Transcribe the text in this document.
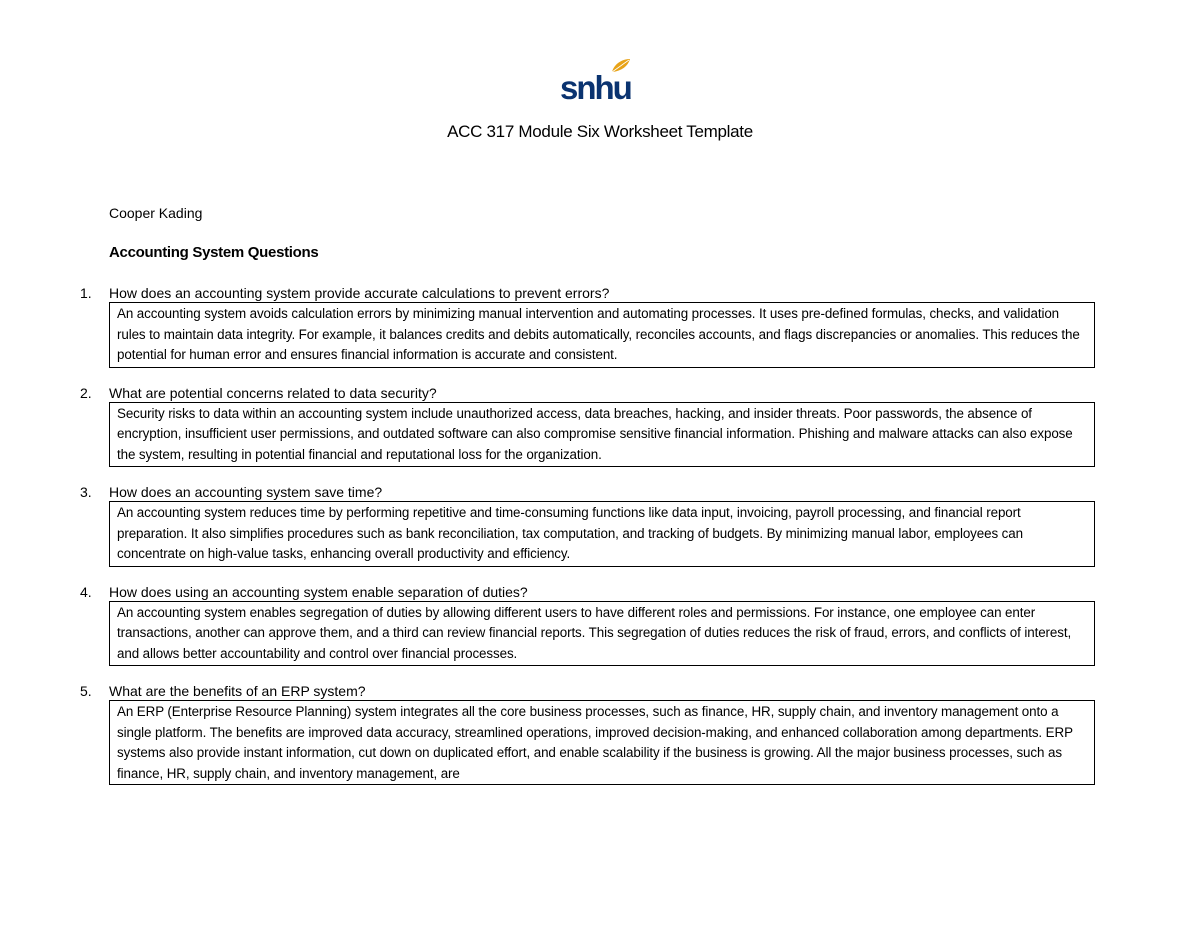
snhu
ACC 317 Module Six Worksheet Template
Cooper Kading
Accounting System Questions
1.	How does an accounting system provide accurate calculations to prevent errors?
An accounting system avoids calculation errors by minimizing manual intervention and automating processes. It uses pre-defined formulas, checks, and validation rules to maintain data integrity. For example, it balances credits and debits automatically, reconciles accounts, and flags discrepancies or anomalies. This reduces the potential for human error and ensures financial information is accurate and consistent.
2.	What are potential concerns related to data security?
Security risks to data within an accounting system include unauthorized access, data breaches, hacking, and insider threats. Poor passwords, the absence of encryption, insufficient user permissions, and outdated software can also compromise sensitive financial information. Phishing and malware attacks can also expose the system, resulting in potential financial and reputational loss for the organization.
3.	How does an accounting system save time?
An accounting system reduces time by performing repetitive and time-consuming functions like data input, invoicing, payroll processing, and financial report preparation. It also simplifies procedures such as bank reconciliation, tax computation, and tracking of budgets. By minimizing manual labor, employees can concentrate on high-value tasks, enhancing overall productivity and efficiency.
4.	How does using an accounting system enable separation of duties?
An accounting system enables segregation of duties by allowing different users to have different roles and permissions. For instance, one employee can enter transactions, another can approve them, and a third can review financial reports. This segregation of duties reduces the risk of fraud, errors, and conflicts of interest, and allows better accountability and control over financial processes.
5.	What are the benefits of an ERP system?
An ERP (Enterprise Resource Planning) system integrates all the core business processes, such as finance, HR, supply chain, and inventory management onto a single platform. The benefits are improved data accuracy, streamlined operations, improved decision-making, and enhanced collaboration among departments. ERP systems also provide instant information, cut down on duplicated effort, and enable scalability if the business is growing. All the major business processes, such as finance, HR, supply chain, and inventory management, are
